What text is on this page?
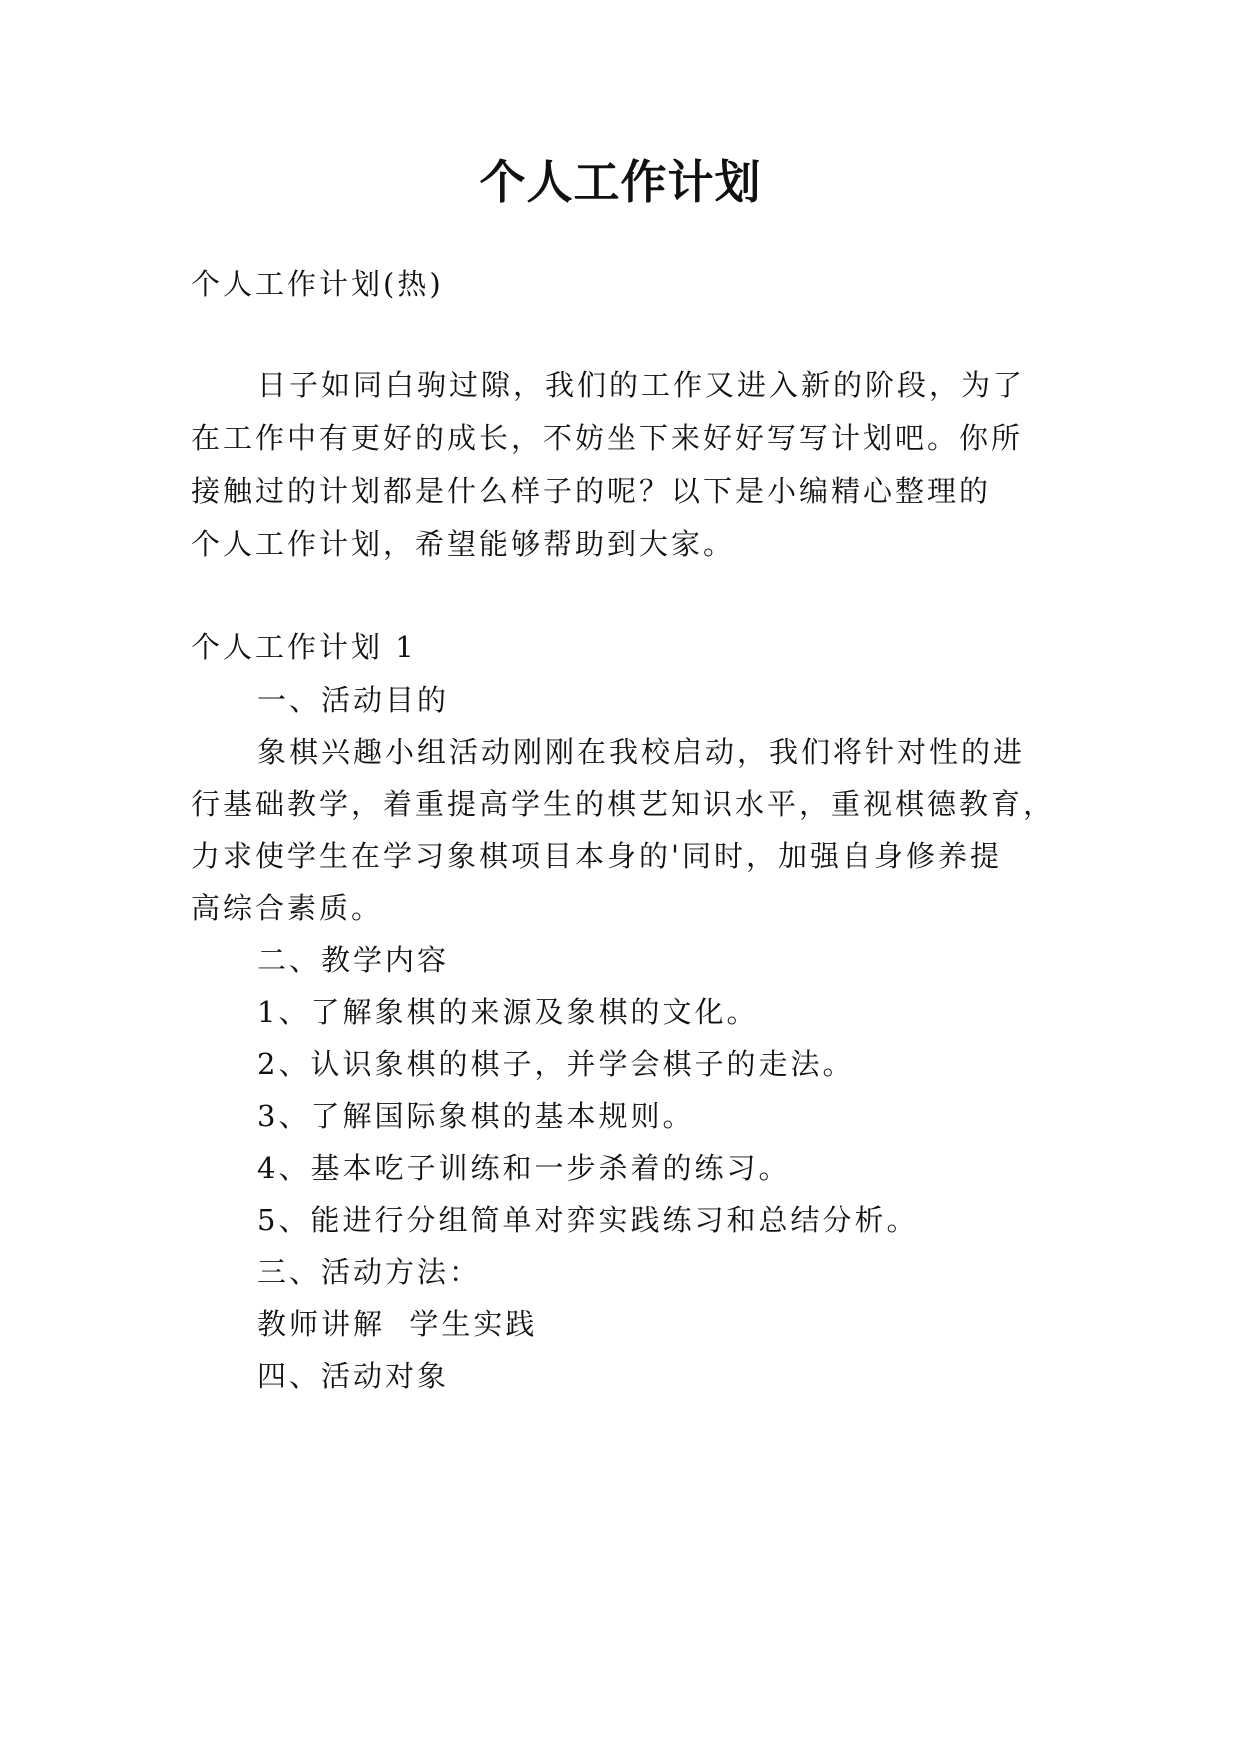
个人工作计划
个人工作计划(热)
日子如同白驹过隙，我们的工作又进入新的阶段，为了
在工作中有更好的成长，不妨坐下来好好写写计划吧。你所
接触过的计划都是什么样子的呢？以下是小编精心整理的
个人工作计划，希望能够帮助到大家。
个人工作计划 1
一、活动目的
象棋兴趣小组活动刚刚在我校启动，我们将针对性的进
行基础教学，着重提高学生的棋艺知识水平，重视棋德教育，
力求使学生在学习象棋项目本身的'同时，加强自身修养提
高综合素质。
二、教学内容
1、了解象棋的来源及象棋的文化。
2、认识象棋的棋子，并学会棋子的走法。
3、了解国际象棋的基本规则。
4、基本吃子训练和一步杀着的练习。
5、能进行分组简单对弈实践练习和总结分析。
三、活动方法：
教师讲解  学生实践
四、活动对象
